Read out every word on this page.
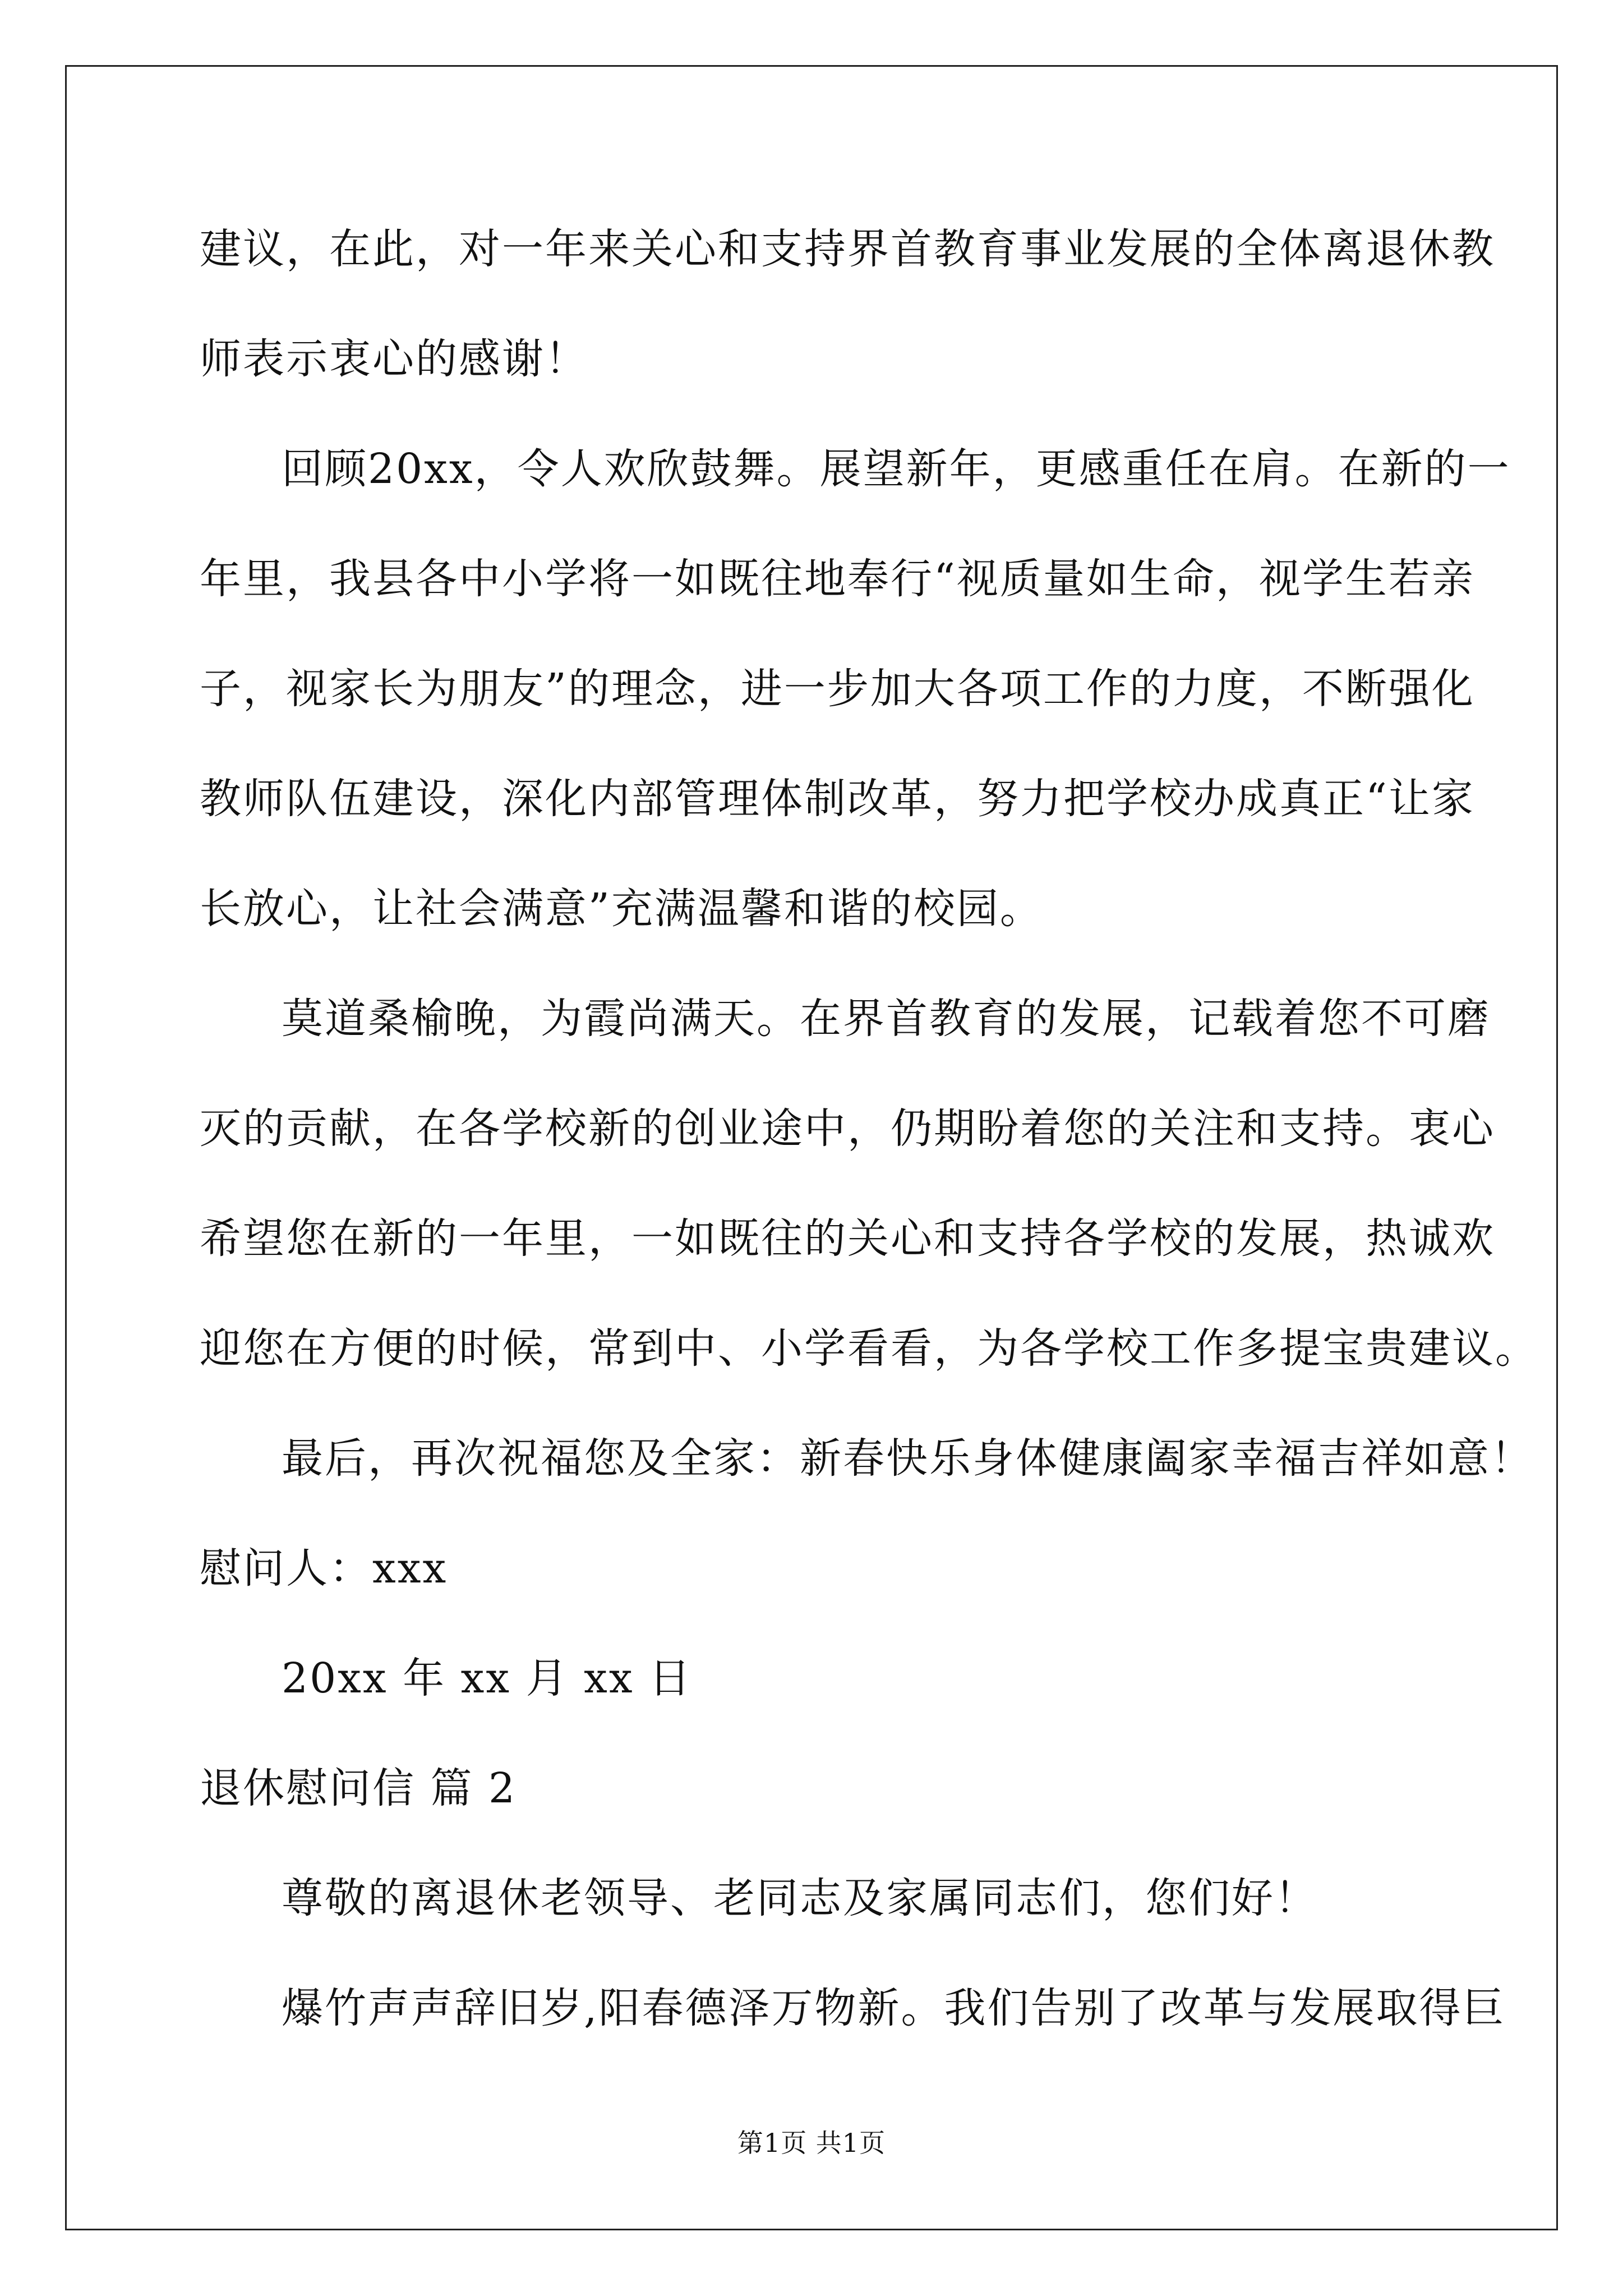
建议，在此，对一年来关心和支持界首教育事业发展的全体离退休教
师表示衷心的感谢！
回顾20xx，令人欢欣鼓舞。展望新年，更感重任在肩。在新的一
年里，我县各中小学将一如既往地奉行“视质量如生命，视学生若亲
子，视家长为朋友”的理念，进一步加大各项工作的力度，不断强化
教师队伍建设，深化内部管理体制改革，努力把学校办成真正“让家
长放心，让社会满意”充满温馨和谐的校园。
莫道桑榆晚，为霞尚满天。在界首教育的发展，记载着您不可磨
灭的贡献，在各学校新的创业途中，仍期盼着您的关注和支持。衷心
希望您在新的一年里，一如既往的关心和支持各学校的发展，热诚欢
迎您在方便的时候，常到中、小学看看，为各学校工作多提宝贵建议。
最后，再次祝福您及全家：新春快乐身体健康阖家幸福吉祥如意！
慰问人：xxx
20xx 年 xx 月 xx 日
退休慰问信 篇 2
尊敬的离退休老领导、老同志及家属同志们，您们好！
爆竹声声辞旧岁,阳春德泽万物新。我们告别了改革与发展取得巨
第1页 共1页
